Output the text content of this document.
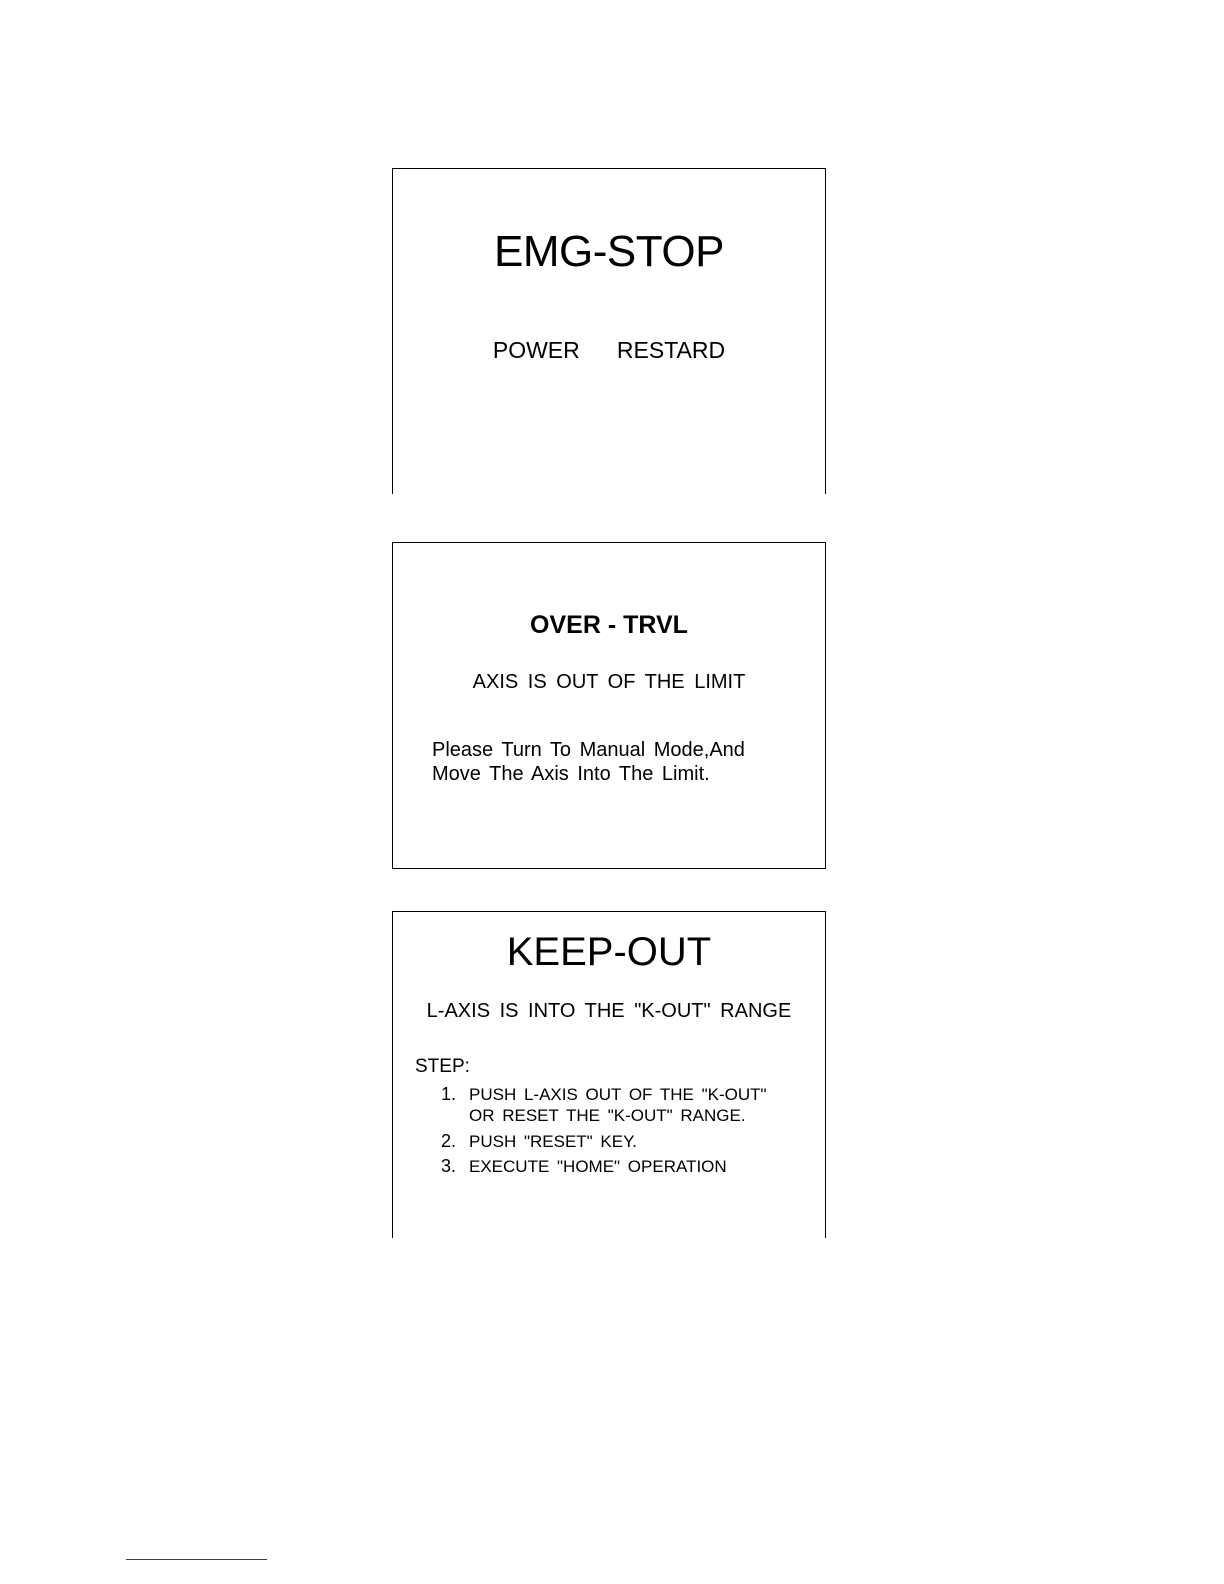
EMG-STOP
POWER   RESTARD
OVER - TRVL
AXIS IS OUT OF THE LIMIT
Please Turn To Manual Mode,And
Move The Axis Into The Limit.
KEEP-OUT
L-AXIS IS INTO THE "K-OUT" RANGE
STEP:
1. PUSH L-AXIS OUT OF THE "K-OUT"
OR RESET THE "K-OUT" RANGE.
2. PUSH "RESET" KEY.
3. EXECUTE "HOME" OPERATION
